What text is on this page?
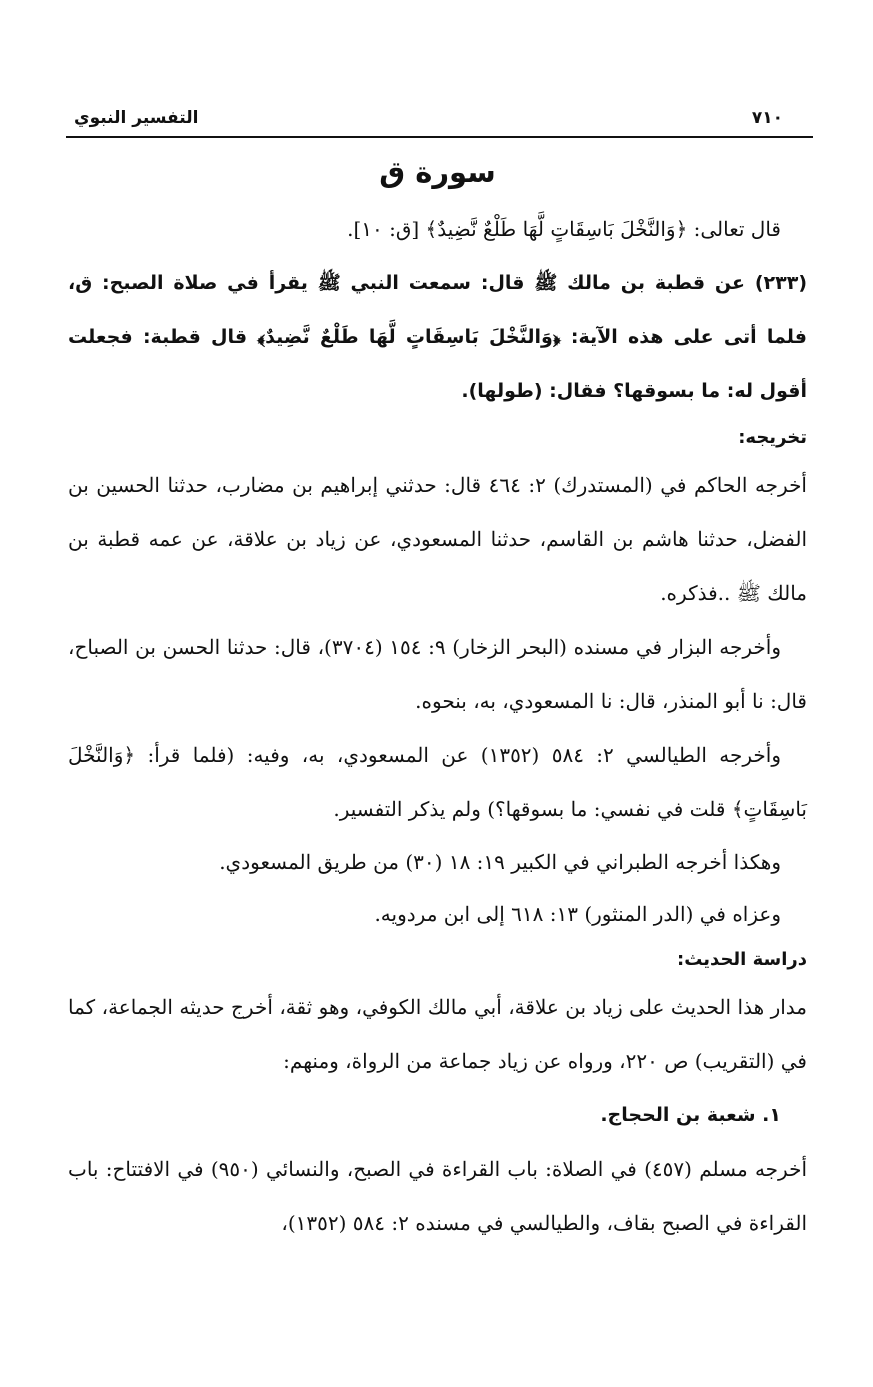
٧١٠
التفسير النبوي
سورة ق

قال تعالى: ﴿وَالنَّخْلَ بَاسِقَاتٍ لَّهَا طَلْعٌ نَّضِيدٌ﴾ [ق: ١٠].

(٢٣٣) عن قطبة بن مالك ﷺ قال: سمعت النبي ﷺ يقرأ في صلاة الصبح: ق، فلما أتى على هذه الآية: ﴿وَالنَّخْلَ بَاسِقَاتٍ لَّهَا طَلْعٌ نَّضِيدٌ﴾ قال قطبة: فجعلت أقول له: ما بسوقها؟ فقال: (طولها).

تخريجه:

أخرجه الحاكم في (المستدرك) ٢: ٤٦٤ قال: حدثني إبراهيم بن مضارب، حدثنا الحسين بن الفضل، حدثنا هاشم بن القاسم، حدثنا المسعودي، عن زياد بن علاقة، عن عمه قطبة بن مالك ﷺ ..فذكره.

وأخرجه البزار في مسنده (البحر الزخار) ٩: ١٥٤ (٣٧٠٤)، قال: حدثنا الحسن بن الصباح، قال: نا أبو المنذر، قال: نا المسعودي، به، بنحوه.

وأخرجه الطيالسي ٢: ٥٨٤ (١٣٥٢) عن المسعودي، به، وفيه: (فلما قرأ: ﴿وَالنَّخْلَ بَاسِقَاتٍ﴾ قلت في نفسي: ما بسوقها؟) ولم يذكر التفسير.

وهكذا أخرجه الطبراني في الكبير ١٩: ١٨ (٣٠) من طريق المسعودي.

وعزاه في (الدر المنثور) ١٣: ٦١٨ إلى ابن مردويه.

دراسة الحديث:

مدار هذا الحديث على زياد بن علاقة، أبي مالك الكوفي، وهو ثقة، أخرج حديثه الجماعة، كما في (التقريب) ص ٢٢٠، ورواه عن زياد جماعة من الرواة، ومنهم:

١. شعبة بن الحجاج.

أخرجه مسلم (٤٥٧) في الصلاة: باب القراءة في الصبح، والنسائي (٩٥٠) في الافتتاح: باب القراءة في الصبح بقاف، والطيالسي في مسنده ٢: ٥٨٤ (١٣٥٢)،
